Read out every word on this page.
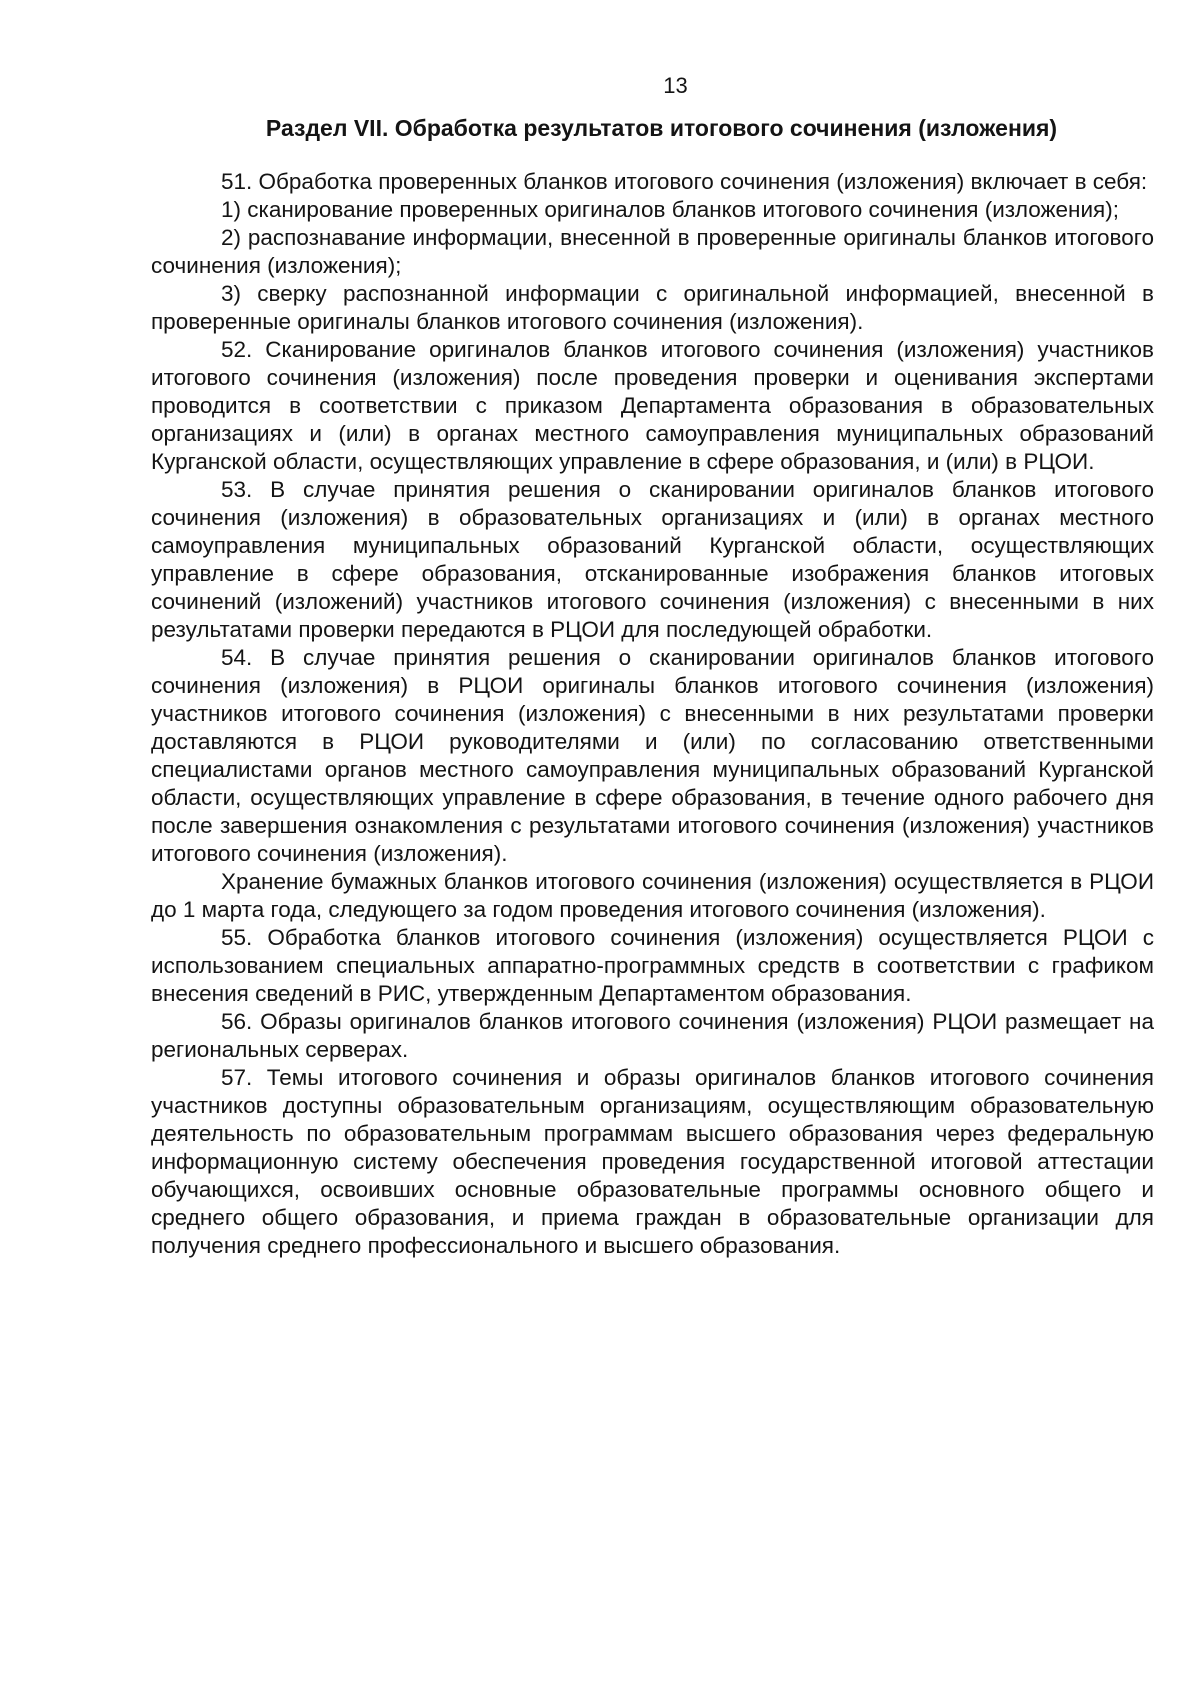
13
Раздел VII. Обработка результатов итогового сочинения (изложения)

51. Обработка проверенных бланков итогового сочинения (изложения) включает в себя:

1) сканирование проверенных оригиналов бланков итогового сочинения (изложения);

2) распознавание информации, внесенной в проверенные оригиналы бланков итогового сочинения (изложения);

3) сверку распознанной информации с оригинальной информацией, внесенной в проверенные оригиналы бланков итогового сочинения (изложения).

52. Сканирование оригиналов бланков итогового сочинения (изложения) участников итогового сочинения (изложения) после проведения проверки и оценивания экспертами проводится в соответствии с приказом Департамента образования в образовательных организациях и (или) в органах местного самоуправления муниципальных образований Курганской области, осуществляющих управление в сфере образования, и (или) в РЦОИ.

53. В случае принятия решения о сканировании оригиналов бланков итогового сочинения (изложения) в образовательных организациях и (или) в органах местного самоуправления муниципальных образований Курганской области, осуществляющих управление в сфере образования, отсканированные изображения бланков итоговых сочинений (изложений) участников итогового сочинения (изложения) с внесенными в них результатами проверки передаются в РЦОИ для последующей обработки.

54. В случае принятия решения о сканировании оригиналов бланков итогового сочинения (изложения) в РЦОИ оригиналы бланков итогового сочинения (изложения) участников итогового сочинения (изложения) с внесенными в них результатами проверки доставляются в РЦОИ руководителями и (или) по согласованию ответственными специалистами органов местного самоуправления муниципальных образований Курганской области, осуществляющих управление в сфере образования, в течение одного рабочего дня после завершения ознакомления с результатами итогового сочинения (изложения) участников итогового сочинения (изложения).

Хранение бумажных бланков итогового сочинения (изложения) осуществляется в РЦОИ до 1 марта года, следующего за годом проведения итогового сочинения (изложения).

55. Обработка бланков итогового сочинения (изложения) осуществляется РЦОИ с использованием специальных аппаратно-программных средств в соответствии с графиком внесения сведений в РИС, утвержденным Департаментом образования.

56. Образы оригиналов бланков итогового сочинения (изложения) РЦОИ размещает на региональных серверах.

57. Темы итогового сочинения и образы оригиналов бланков итогового сочинения участников доступны образовательным организациям, осуществляющим образовательную деятельность по образовательным программам высшего образования через федеральную информационную систему обеспечения проведения государственной итоговой аттестации обучающихся, освоивших основные образовательные программы основного общего и среднего общего образования, и приема граждан в образовательные организации для получения среднего профессионального и высшего образования.
